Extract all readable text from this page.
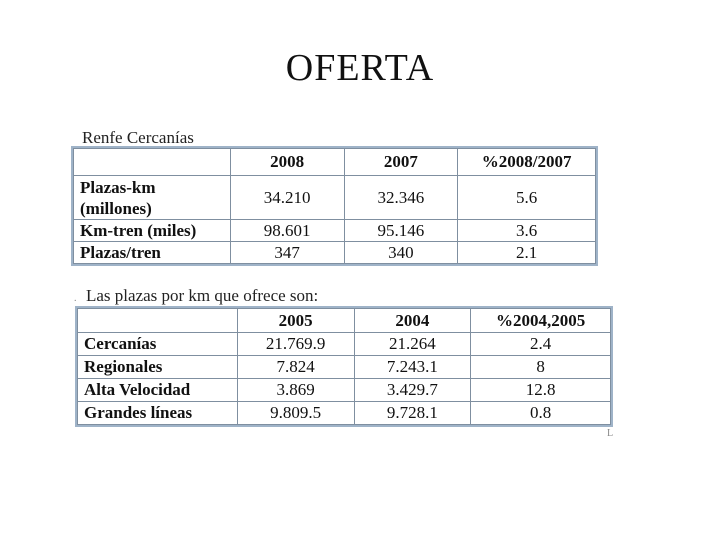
OFERTA
Renfe Cercanías
	2008	2007	%2008/2007
Plazas-km (millones)	34.210	32.346	5.6
Km-tren (miles)	98.601	95.146	3.6
Plazas/tren	347	340	2.1
. Las plazas por km que ofrece son:
	2005	2004	%2004,2005
Cercanías	21.769.9	21.264	2.4
Regionales	7.824	7.243.1	8
Alta Velocidad	3.869	3.429.7	12.8
Grandes líneas	9.809.5	9.728.1	0.8
L
